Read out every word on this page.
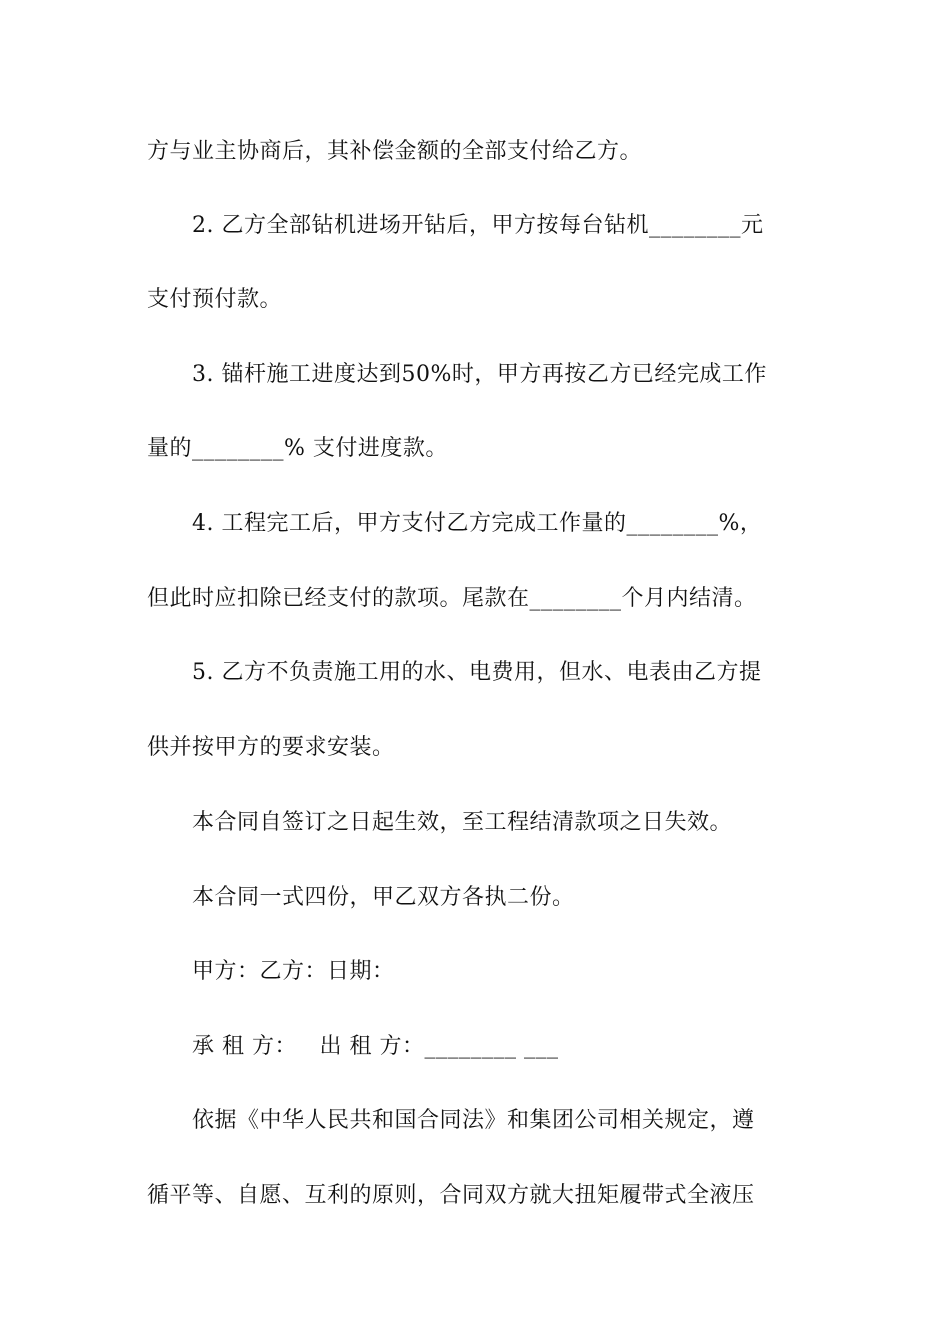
方与业主协商后，其补偿金额的全部支付给乙方。
2. 乙方全部钻机进场开钻后，甲方按每台钻机________元
支付预付款。
3. 锚杆施工进度达到50%时，甲方再按乙方已经完成工作
量的________% 支付进度款。
4. 工程完工后，甲方支付乙方完成工作量的________%，
但此时应扣除已经支付的款项。尾款在________个月内结清。
5. 乙方不负责施工用的水、电费用，但水、电表由乙方提
供并按甲方的要求安装。
本合同自签订之日起生效，至工程结清款项之日失效。
本合同一式四份，甲乙双方各执二份。
甲方：乙方：日期：
承 租 方：   出 租 方：________ ___
依据《中华人民共和国合同法》和集团公司相关规定，遵
循平等、自愿、互利的原则，合同双方就大扭矩履带式全液压
